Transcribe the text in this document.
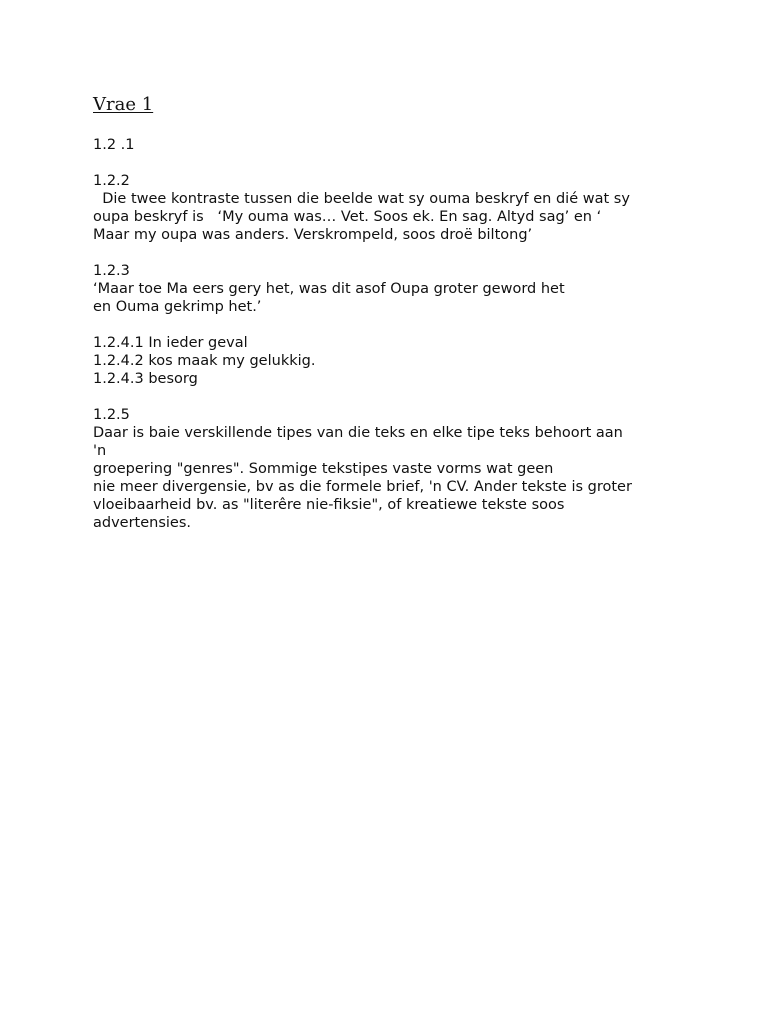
Vrae 1

1.2 .1

1.2.2

Die twee kontraste tussen die beelde wat sy ouma beskryf en dié wat sy

oupa beskryf is   ‘My ouma was… Vet. Soos ek. En sag. Altyd sag’ en ‘

Maar my oupa was anders. Verskrompeld, soos droë biltong’

1.2.3

‘Maar toe Ma eers gery het, was dit asof Oupa groter geword het

en Ouma gekrimp het.’

1.2.4.1 In ieder geval

1.2.4.2 kos maak my gelukkig.

1.2.4.3 besorg

1.2.5

Daar is baie verskillende tipes van die teks en elke tipe teks behoort aan

'n

groepering "genres". Sommige tekstipes vaste vorms wat geen

nie meer divergensie, bv as die formele brief, 'n CV. Ander tekste is groter

vloeibaarheid bv. as "literêre nie-fiksie", of kreatiewe tekste soos

advertensies.
